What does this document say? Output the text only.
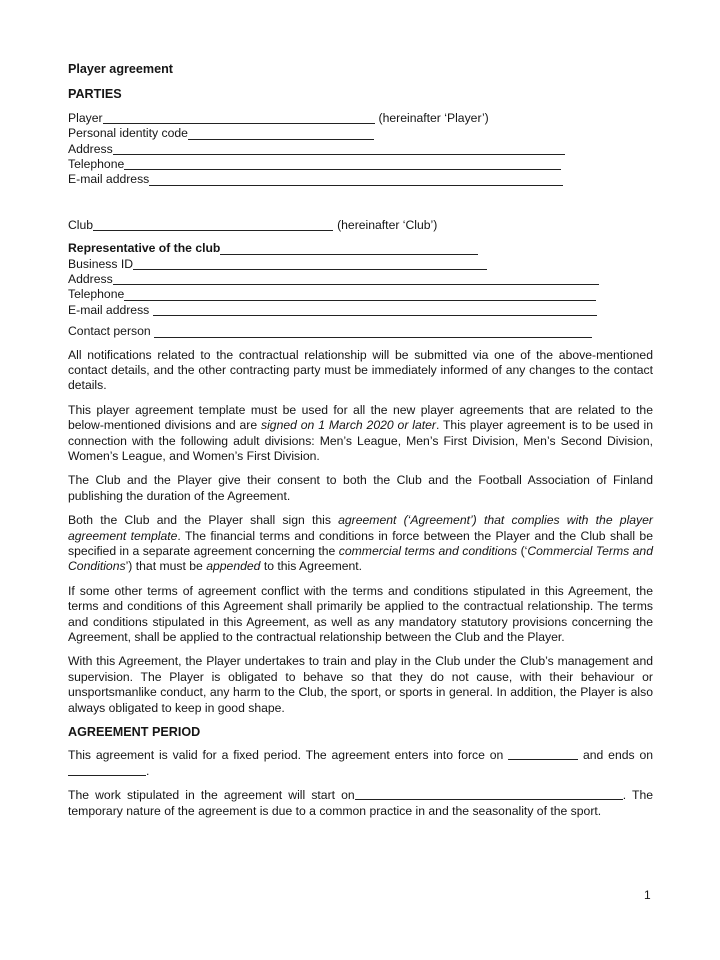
Player agreement
PARTIES
Player	(hereinafter ‘Player’)
Personal identity code
Address
Telephone
E-mail address
Club	(hereinafter ‘Club’)
Representative of the club
Business ID
Address
Telephone
E-mail address
Contact person

All notifications related to the contractual relationship will be submitted via one of the above-mentioned contact details, and the other contracting party must be immediately informed of any changes to the contact details.

This player agreement template must be used for all the new player agreements that are related to the below-mentioned divisions and are signed on 1 March 2020 or later. This player agreement is to be used in connection with the following adult divisions: Men’s League, Men’s First Division, Men’s Second Division, Women’s League, and Women’s First Division.

The Club and the Player give their consent to both the Club and the Football Association of Finland publishing the duration of the Agreement.

Both the Club and the Player shall sign this agreement (‘Agreement’) that complies with the player agreement template. The financial terms and conditions in force between the Player and the Club shall be specified in a separate agreement concerning the commercial terms and conditions (‘Commercial Terms and Conditions’) that must be appended to this Agreement.

If some other terms of agreement conflict with the terms and conditions stipulated in this Agreement, the terms and conditions of this Agreement shall primarily be applied to the contractual relationship. The terms and conditions stipulated in this Agreement, as well as any mandatory statutory provisions concerning the Agreement, shall be applied to the contractual relationship between the Club and the Player.

With this Agreement, the Player undertakes to train and play in the Club under the Club’s management and supervision. The Player is obligated to behave so that they do not cause, with their behaviour or unsportsmanlike conduct, any harm to the Club, the sport, or sports in general. In addition, the Player is also always obligated to keep in good shape.

AGREEMENT PERIOD

This agreement is valid for a fixed period. The agreement enters into force on	and ends on .

The work stipulated in the agreement will start on	. The temporary nature of the agreement is due to a common practice in and the seasonality of the sport.

1
